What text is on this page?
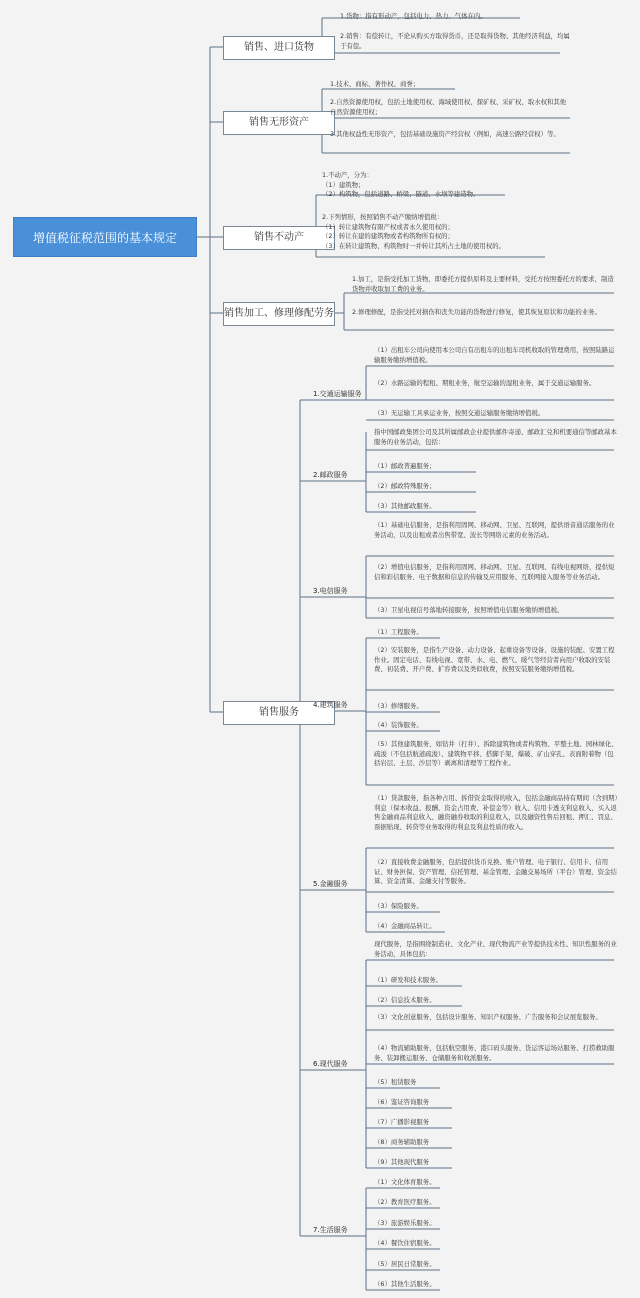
增值税征税范围的基本规定
销售、进口货物
销售无形资产
销售不动产
销售加工、修理修配劳务
销售服务
1.货物：指有形动产，包括电力、热力、气体在内。
2.销售：有偿转让，不论从购买方取得货币，还是取得货物、其他经济利益，均属于有偿。
1.技术、商标、著作权、商誉；
2.自然资源使用权，包括土地使用权、海域使用权、探矿权、采矿权、取水权和其他自然资源使用权；
3.其他权益性无形资产，包括基础设施资产经营权（例如，高速公路经营权）等。
1.不动产，分为：
（1）建筑物；
（2）构筑物，包括道路、桥梁、隧道、水坝等建造物。
2.下列情形，按照销售不动产缴纳增值税：
（1）转让建筑物有限产权或者永久使用权的；
（2）转让在建的建筑物或者构筑物所有权的；
（3）在转让建筑物、构筑物时一并转让其所占土地的使用权的。
1.加工，是指受托加工货物，即委托方提供原料及主要材料，受托方按照委托方的要求，制造货物并收取加工费的业务。
2.修理修配，是指受托对损伤和丧失功能的货物进行修复，使其恢复原状和功能的业务。
1.交通运输服务
2.邮政服务
3.电信服务
4.建筑服务
5.金融服务
6.现代服务
7.生活服务
（1）出租车公司向使用本公司自有出租车的出租车司机收取的管理费用，按照陆路运输服务缴纳增值税。
（2）水路运输的程租、期租业务，航空运输的湿租业务，属于交通运输服务。
（3）无运输工具承运业务，按照交通运输服务缴纳增值税。
指中国邮政集团公司及其所属邮政企业提供邮件寄递、邮政汇兑和机要通信等邮政基本服务的业务活动，包括：
（1）邮政普遍服务；
（2）邮政特殊服务；
（3）其他邮政服务。
（1）基础电信服务，是指利用固网、移动网、卫星、互联网，提供语音通话服务的业务活动，以及出租或者出售带宽、波长等网络元素的业务活动。
（2）增值电信服务，是指利用固网、移动网、卫星、互联网、有线电视网络，提供短信和彩信服务、电子数据和信息的传输及应用服务、互联网接入服务等业务活动。
（3）卫星电视信号落地转接服务，按照增值电信服务缴纳增值税。
（1）工程服务。
（2）安装服务，是指生产设备、动力设备、起重设备等设备、设施的装配、安置工程作业。固定电话、有线电视、宽带、水、电、燃气、暖气等经营者向用户收取的安装费、初装费、开户费、扩容费以及类似收费，按照安装服务缴纳增值税。
（3）修缮服务。
（4）装饰服务。
（5）其他建筑服务，如钻井（打井）、拆除建筑物或者构筑物、平整土地、园林绿化、疏浚（不包括航道疏浚）、建筑物平移、搭脚手架、爆破、矿山穿孔、表面附着物（包括岩层、土层、沙层等）剥离和清理等工程作业。
（1）贷款服务，指各种占用、拆借资金取得的收入，包括金融商品持有期间（含到期）利息（保本收益、报酬、资金占用费、补偿金等）收入、信用卡透支利息收入、买入返售金融商品利息收入、融资融券收取的利息收入，以及融资性售后回租、押汇、罚息、票据贴现、转贷等业务取得的利息及利息性质的收入。
（2）直接收费金融服务，包括提供货币兑换、账户管理、电子银行、信用卡、信用证、财务担保、资产管理、信托管理、基金管理、金融交易场所（平台）管理、资金结算、资金清算、金融支付等服务。
（3）保险服务。
（4）金融商品转让。
现代服务，是指围绕制造业、文化产业、现代物流产业等提供技术性、知识性服务的业务活动，具体包括：
（1）研发和技术服务。
（2）信息技术服务。
（3）文化创意服务，包括设计服务、知识产权服务、广告服务和会议展览服务。
（4）物流辅助服务，包括航空服务、港口码头服务、货运客运场站服务、打捞救助服务、装卸搬运服务、仓储服务和收派服务。
（5）租赁服务
（6）鉴证咨询服务
（7）广播影视服务
（8）商务辅助服务
（9）其他现代服务
（1）文化体育服务。
（2）教育医疗服务。
（3）旅游娱乐服务。
（4）餐饮住宿服务。
（5）居民日常服务。
（6）其他生活服务。
